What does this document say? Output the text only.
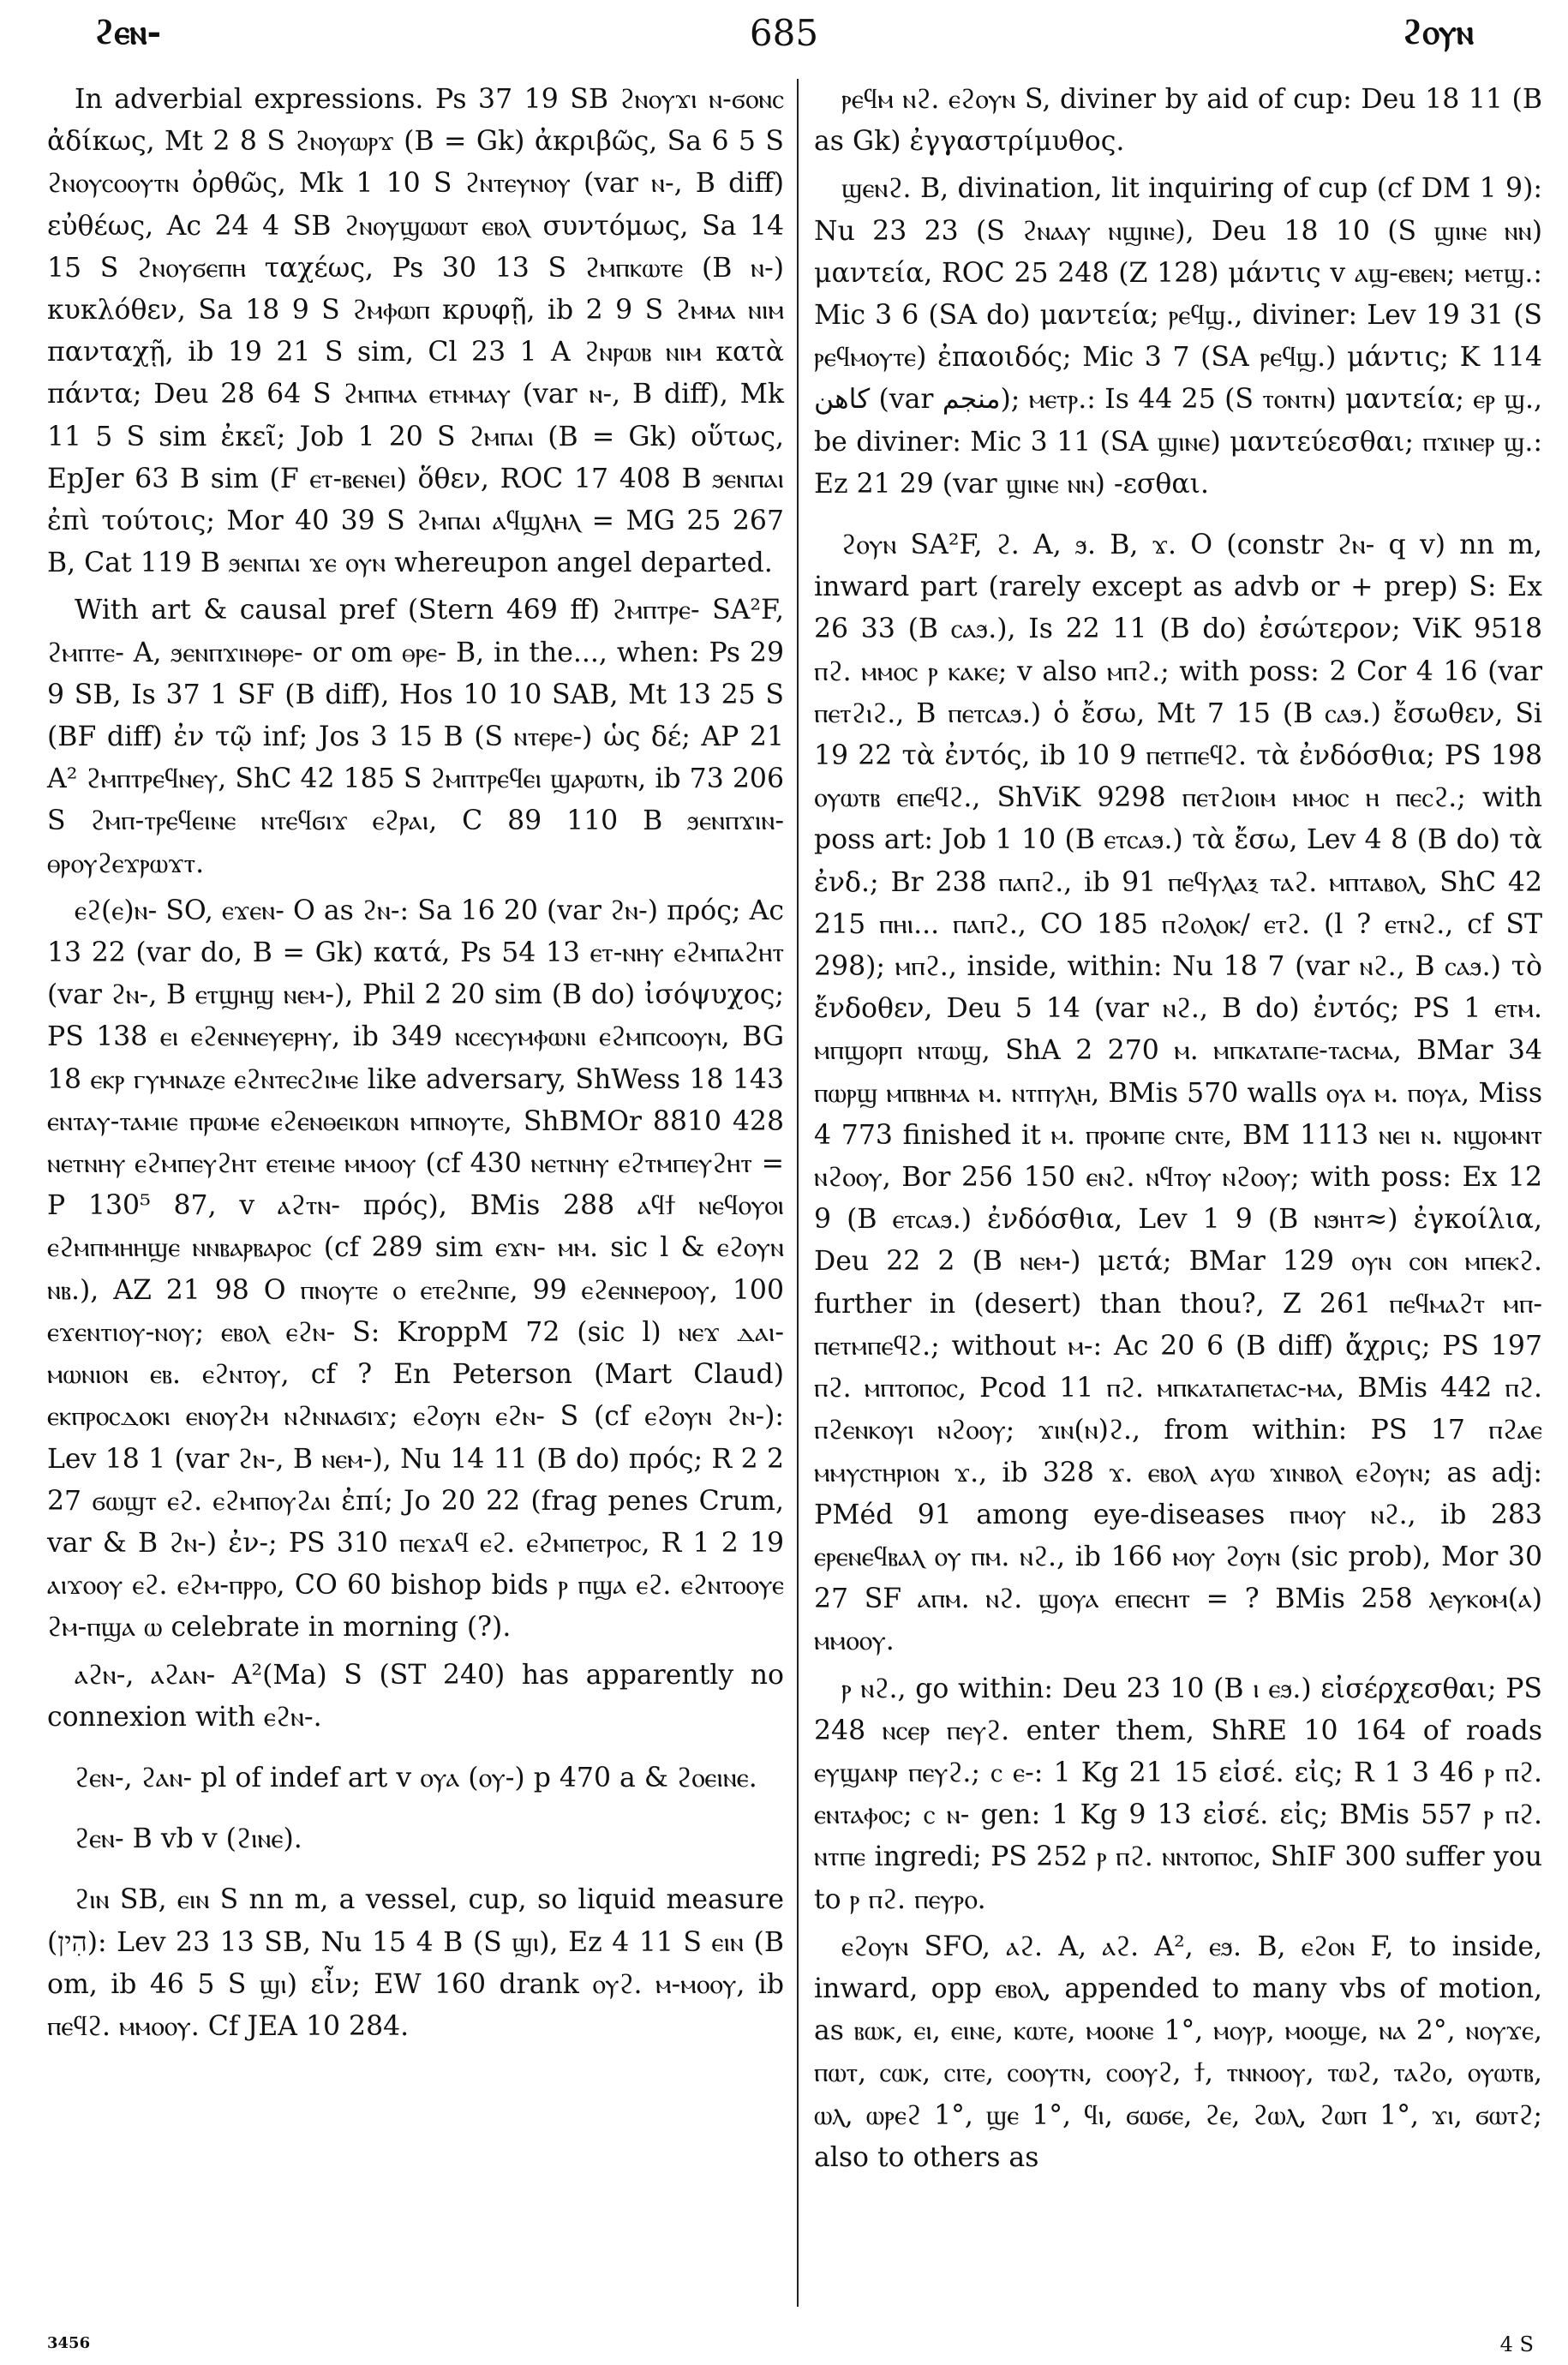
685
ϩⲉⲛ-	ϩⲟⲩⲛ

In adverbial expressions. Ps 37 19 SB ϩⲛⲟⲩϫⲓ ⲛ-ϭⲟⲛⲥ ἀδίκως, Mt 2 8 S ϩⲛⲟⲩⲱⲣϫ (B = Gk) ἀκριβῶς, Sa 6 5 S ϩⲛⲟⲩⲥⲟⲟⲩⲧⲛ ὀρθῶς, Mk 1 10 S ϩⲛⲧⲉⲩⲛⲟⲩ (var ⲛ-, B diff) εὐθέως, Ac 24 4 SB ϩⲛⲟⲩϣⲱⲱⲧ ⲉⲃⲟⲗ συντόμως, Sa 14 15 S ϩⲛⲟⲩϭⲉⲡⲏ ταχέως, Ps 30 13 S ϩⲙⲡⲕⲱⲧⲉ (B ⲛ-) κυκλόθεν, Sa 18 9 S ϩⲙⲫⲱⲡ κρυφῇ, ib 2 9 S ϩⲙⲙⲁ ⲛⲓⲙ πανταχῇ, ib 19 21 S sim, Cl 23 1 A ϩⲛⲣⲱⲃ ⲛⲓⲙ κατὰ πάντα; Deu 28 64 S ϩⲙⲡⲙⲁ ⲉⲧⲙⲙⲁⲩ (var ⲛ-, B diff), Mk 11 5 S sim ἐκεῖ; Job 1 20 S ϩⲙⲡⲁⲓ (B = Gk) οὕτως, EpJer 63 B sim (F ⲉⲧ-ⲃⲉⲛⲉⲓ) ὅθεν, ROC 17 408 B ϧⲉⲛⲡⲁⲓ ἐπὶ τούτοις; Mor 40 39 S ϩⲙⲡⲁⲓ ⲁϥϣⲗⲏⲗ = MG 25 267 B, Cat 119 B ϧⲉⲛⲡⲁⲓ ϫⲉ ⲟⲩⲛ whereupon angel departed.

With art & causal pref (Stern 469 ff) ϩⲙⲡⲧⲣⲉ- SA²F, ϩⲙⲡⲧⲉ- A, ϧⲉⲛⲡϫⲓⲛⲑⲣⲉ- or om ⲑⲣⲉ- B, in the..., when: Ps 29 9 SB, Is 37 1 SF (B diff), Hos 10 10 SAB, Mt 13 25 S (BF diff) ἐν τῷ inf; Jos 3 15 B (S ⲛⲧⲉⲣⲉ-) ὡς δέ; AP 21 A² ϩⲙⲡⲧⲣⲉϥⲛⲉⲩ, ShC 42 185 S ϩⲙⲡⲧⲣⲉϥⲉⲓ ϣⲁⲣⲱⲧⲛ, ib 73 206 S ϩⲙⲡ-ⲧⲣⲉϥⲉⲓⲛⲉ ⲛⲧⲉϥϭⲓϫ ⲉϩⲣⲁⲓ, C 89 110 B ϧⲉⲛⲡϫⲓⲛ-ⲑⲣⲟⲩϩⲉϫⲣⲱϫⲧ.

ⲉϩ(ⲉ)ⲛ- SO, ⲉϫⲉⲛ- O as ϩⲛ-: Sa 16 20 (var ϩⲛ-) πρός; Ac 13 22 (var do, B = Gk) κατά, Ps 54 13 ⲉⲧ-ⲛⲏⲩ ⲉϩⲙⲡⲁϩⲏⲧ (var ϩⲛ-, B ⲉⲧϣⲏϣ ⲛⲉⲙ-), Phil 2 20 sim (B do) ἰσόψυχος; PS 138 ⲉⲓ ⲉϩⲉⲛⲛⲉⲩⲉⲣⲏⲩ, ib 349 ⲛⲥⲉⲥⲩⲙⲫⲱⲛⲓ ⲉϩⲙⲡⲥⲟⲟⲩⲛ, BG 18 ⲉⲕⲣ ⲅⲩⲙⲛⲁⲍⲉ ⲉϩⲛⲧⲉⲥϩⲓⲙⲉ like adversary, ShWess 18 143 ⲉⲛⲧⲁⲩ-ⲧⲁⲙⲓⲉ ⲡⲣⲱⲙⲉ ⲉϩⲉⲛⲑⲉⲓⲕⲱⲛ ⲙⲡⲛⲟⲩⲧⲉ, ShBMOr 8810 428 ⲛⲉⲧⲛⲏⲩ ⲉϩⲙⲡⲉⲩϩⲏⲧ ⲉⲧⲉⲓⲙⲉ ⲙⲙⲟⲟⲩ (cf 430 ⲛⲉⲧⲛⲏⲩ ⲉϩⲧⲙⲡⲉⲩϩⲏⲧ = P 130⁵ 87, v ⲁϩⲧⲛ- πρός), BMis 288 ⲁϥϯ ⲛⲉϥⲟⲩⲟⲓ ⲉϩⲙⲡⲙⲏⲏϣⲉ ⲛⲛⲃⲁⲣⲃⲁⲣⲟⲥ (cf 289 sim ⲉϫⲛ- ⲙⲙ. sic l & ⲉϩⲟⲩⲛ ⲛⲃ.), AZ 21 98 O ⲡⲛⲟⲩⲧⲉ ⲟ ⲉⲧⲉϩⲛⲡⲉ, 99 ⲉϩⲉⲛⲛⲉⲣⲟⲟⲩ, 100 ⲉϫⲉⲛⲧⲓⲟⲩ-ⲛⲟⲩ; ⲉⲃⲟⲗ ⲉϩⲛ- S: KroppM 72 (sic l) ⲛⲉϫ ⲇⲁⲓ-ⲙⲱⲛⲓⲟⲛ ⲉⲃ. ⲉϩⲛⲧⲟⲩ, cf ? En Peterson (Mart Claud) ⲉⲕⲡⲣⲟⲥⲇⲟⲕⲓ ⲉⲛⲟⲩϩⲙ ⲛϩⲛⲛⲁϭⲓϫ; ⲉϩⲟⲩⲛ ⲉϩⲛ- S (cf ⲉϩⲟⲩⲛ ϩⲛ-): Lev 18 1 (var ϩⲛ-, B ⲛⲉⲙ-), Nu 14 11 (B do) πρός; R 2 2 27 ϭⲱϣⲧ ⲉϩ. ⲉϩⲙⲡⲟⲩϩⲁⲓ ἐπί; Jo 20 22 (frag penes Crum, var & B ϩⲛ-) ἐν-; PS 310 ⲡⲉϫⲁϥ ⲉϩ. ⲉϩⲙⲡⲉⲧⲣⲟⲥ, R 1 2 19 ⲁⲓϫⲟⲟⲩ ⲉϩ. ⲉϩⲙ-ⲡⲣⲣⲟ, CO 60 bishop bids ⲣ ⲡϣⲁ ⲉϩ. ⲉϩⲛⲧⲟⲟⲩⲉ ϩⲙ-ⲡϣⲁ ⲱ celebrate in morning (?).

ⲁϩⲛ-, ⲁϩⲁⲛ- A²(Ma) S (ST 240) has apparently no connexion with ⲉϩⲛ-.

ϩⲉⲛ-, ϩⲁⲛ- pl of indef art v ⲟⲩⲁ (ⲟⲩ-) p 470 a & ϩⲟⲉⲓⲛⲉ.

ϩⲉⲛ- B vb v (ϩⲓⲛⲉ).

ϩⲓⲛ SB, ⲉⲓⲛ S nn m, a vessel, cup, so liquid measure (הִין): Lev 23 13 SB, Nu 15 4 B (S ϣⲓ), Ez 4 11 S ⲉⲓⲛ (B om, ib 46 5 S ϣⲓ) εἶν; EW 160 drank ⲟⲩϩ. ⲙ-ⲙⲟⲟⲩ, ib ⲡⲉϥϩ. ⲙⲙⲟⲟⲩ. Cf JEA 10 284.

ⲣⲉϥⲙ ⲛϩ. ⲉϩⲟⲩⲛ S, diviner by aid of cup: Deu 18 11 (B as Gk) ἐγγαστρίμυθος.

ϣⲉⲛϩ. B, divination, lit inquiring of cup (cf DM 1 9): Nu 23 23 (S ϩⲛⲁⲁⲩ ⲛϣⲓⲛⲉ), Deu 18 10 (S ϣⲓⲛⲉ ⲛⲛ) μαντεία, ROC 25 248 (Z 128) μάντις v ⲁϣ-ⲉⲃⲉⲛ; ⲙⲉⲧϣ.: Mic 3 6 (SA do) μαντεία; ⲣⲉϥϣ., diviner: Lev 19 31 (S ⲣⲉϥⲙⲟⲩⲧⲉ) ἐπαοιδός; Mic 3 7 (SA ⲣⲉϥϣ.) μάντις; K 114 كاهن (var منجم); ⲙⲉⲧⲣ.: Is 44 25 (S ⲧⲟⲛⲧⲛ) μαντεία; ⲉⲣ ϣ., be diviner: Mic 3 11 (SA ϣⲓⲛⲉ) μαντεύεσθαι; ⲡϫⲓⲛⲉⲣ ϣ.: Ez 21 29 (var ϣⲓⲛⲉ ⲛⲛ) -εσθαι.

ϩⲟⲩⲛ SA²F, ϩ. A, ϧ. B, ϫ. O (constr ϩⲛ- q v) nn m, inward part (rarely except as advb or + prep) S: Ex 26 33 (B ⲥⲁϧ.), Is 22 11 (B do) ἐσώτερον; ViK 9518 ⲡϩ. ⲙⲙⲟⲥ ⲣ ⲕⲁⲕⲉ; v also ⲙⲡϩ.; with poss: 2 Cor 4 16 (var ⲡⲉⲧϩⲓϩ., B ⲡⲉⲧⲥⲁϧ.) ὁ ἔσω, Mt 7 15 (B ⲥⲁϧ.) ἔσωθεν, Si 19 22 τὰ ἐντός, ib 10 9 ⲡⲉⲧⲡⲉϥϩ. τὰ ἐνδόσθια; PS 198 ⲟⲩⲱⲧⲃ ⲉⲡⲉϥϩ., ShViK 9298 ⲡⲉⲧϩⲓⲟⲓⲙ ⲙⲙⲟⲥ ⲏ ⲡⲉⲥϩ.; with poss art: Job 1 10 (B ⲉⲧⲥⲁϧ.) τὰ ἔσω, Lev 4 8 (B do) τὰ ἐνδ.; Br 238 ⲡⲁⲡϩ., ib 91 ⲡⲉϥⲩⲗⲁⲝ ⲧⲁϩ. ⲙⲡⲧⲁⲃⲟⲗ, ShC 42 215 ⲡⲏⲓ... ⲡⲁⲡϩ., CO 185 ⲡϩⲟⲗⲟⲕ/ ⲉⲧϩ. (l ? ⲉⲧⲛϩ., cf ST 298); ⲙⲡϩ., inside, within: Nu 18 7 (var ⲛϩ., B ⲥⲁϧ.) τὸ ἔνδοθεν, Deu 5 14 (var ⲛϩ., B do) ἐντός; PS 1 ⲉⲧⲙ. ⲙⲡϣⲟⲣⲡ ⲛⲧⲱϣ, ShA 2 270 ⲙ. ⲙⲡⲕⲁⲧⲁⲡⲉ-ⲧⲁⲥⲙⲁ, BMar 34 ⲡⲱⲣϣ ⲙⲡⲃⲏⲙⲁ ⲙ. ⲛⲧⲡⲩⲗⲏ, BMis 570 walls ⲟⲩⲁ ⲙ. ⲡⲟⲩⲁ, Miss 4 773 finished it ⲙ. ⲡⲣⲟⲙⲡⲉ ⲥⲛⲧⲉ, BM 1113 ⲛⲉⲓ ⲛ. ⲛϣⲟⲙⲛⲧ ⲛϩⲟⲟⲩ, Bor 256 150 ⲉⲛϩ. ⲛϥⲧⲟⲩ ⲛϩⲟⲟⲩ; with poss: Ex 12 9 (B ⲉⲧⲥⲁϧ.) ἐνδόσθια, Lev 1 9 (B ⲛϧⲏⲧ≈) ἐγκοίλια, Deu 22 2 (B ⲛⲉⲙ-) μετά; BMar 129 ⲟⲩⲛ ⲥⲟⲛ ⲙⲡⲉⲕϩ. further in (desert) than thou?, Z 261 ⲡⲉϥⲙⲁϩⲧ ⲙⲡ-ⲡⲉⲧⲙⲡⲉϥϩ.; without ⲙ-: Ac 20 6 (B diff) ἄχρις; PS 197 ⲡϩ. ⲙⲡⲧⲟⲡⲟⲥ, Pcod 11 ⲡϩ. ⲙⲡⲕⲁⲧⲁⲡⲉⲧⲁⲥ-ⲙⲁ, BMis 442 ⲡϩ. ⲡϩⲉⲛⲕⲟⲩⲓ ⲛϩⲟⲟⲩ; ϫⲓⲛ(ⲛ)ϩ., from within: PS 17 ⲡϩⲁⲉ ⲙⲙⲩⲥⲧⲏⲣⲓⲟⲛ ϫ., ib 328 ϫ. ⲉⲃⲟⲗ ⲁⲩⲱ ϫⲓⲛⲃⲟⲗ ⲉϩⲟⲩⲛ; as adj: PMéd 91 among eye-diseases ⲡⲙⲟⲩ ⲛϩ., ib 283 ⲉⲣⲉⲛⲉϥⲃⲁⲗ ⲟⲩ ⲡⲙ. ⲛϩ., ib 166 ⲙⲟⲩ ϩⲟⲩⲛ (sic prob), Mor 30 27 SF ⲁⲡⲙ. ⲛϩ. ϣⲟⲩⲁ ⲉⲡⲉⲥⲏⲧ = ? BMis 258 ⲗⲉⲩⲕⲟⲙ(ⲁ) ⲙⲙⲟⲟⲩ.

ⲣ ⲛϩ., go within: Deu 23 10 (B ⲓ ⲉϧ.) εἰσέρχεσθαι; PS 248 ⲛⲥⲉⲣ ⲡⲉⲩϩ. enter them, ShRE 10 164 of roads ⲉⲩϣⲁⲛⲣ ⲡⲉⲩϩ.; ⲥ ⲉ-: 1 Kg 21 15 εἰσέ. εἰς; R 1 3 46 ⲣ ⲡϩ. ⲉⲛⲧⲁⲫⲟⲥ; ⲥ ⲛ- gen: 1 Kg 9 13 εἰσέ. εἰς; BMis 557 ⲣ ⲡϩ. ⲛⲧⲡⲉ ingredi; PS 252 ⲣ ⲡϩ. ⲛⲛⲧⲟⲡⲟⲥ, ShIF 300 suffer you to ⲣ ⲡϩ. ⲡⲉⲩⲣⲟ.

ⲉϩⲟⲩⲛ SFO, ⲁϩ. A, ⲁϩ. A², ⲉϧ. B, ⲉϩⲟⲛ F, to inside, inward, opp ⲉⲃⲟⲗ, appended to many vbs of motion, as ⲃⲱⲕ, ⲉⲓ, ⲉⲓⲛⲉ, ⲕⲱⲧⲉ, ⲙⲟⲟⲛⲉ 1°, ⲙⲟⲩⲣ, ⲙⲟⲟϣⲉ, ⲛⲁ 2°, ⲛⲟⲩϫⲉ, ⲡⲱⲧ, ⲥⲱⲕ, ⲥⲓⲧⲉ, ⲥⲟⲟⲩⲧⲛ, ⲥⲟⲟⲩϩ, ϯ, ⲧⲛⲛⲟⲟⲩ, ⲧⲱϩ, ⲧⲁϩⲟ, ⲟⲩⲱⲧⲃ, ⲱⲗ, ⲱⲣⲉϩ 1°, ϣⲉ 1°, ϥⲓ, ϭⲱϭⲉ, ϩⲉ, ϩⲱⲗ, ϩⲱⲡ 1°, ϫⲓ, ϭⲱⲧϩ; also to others as

3456	4 S
